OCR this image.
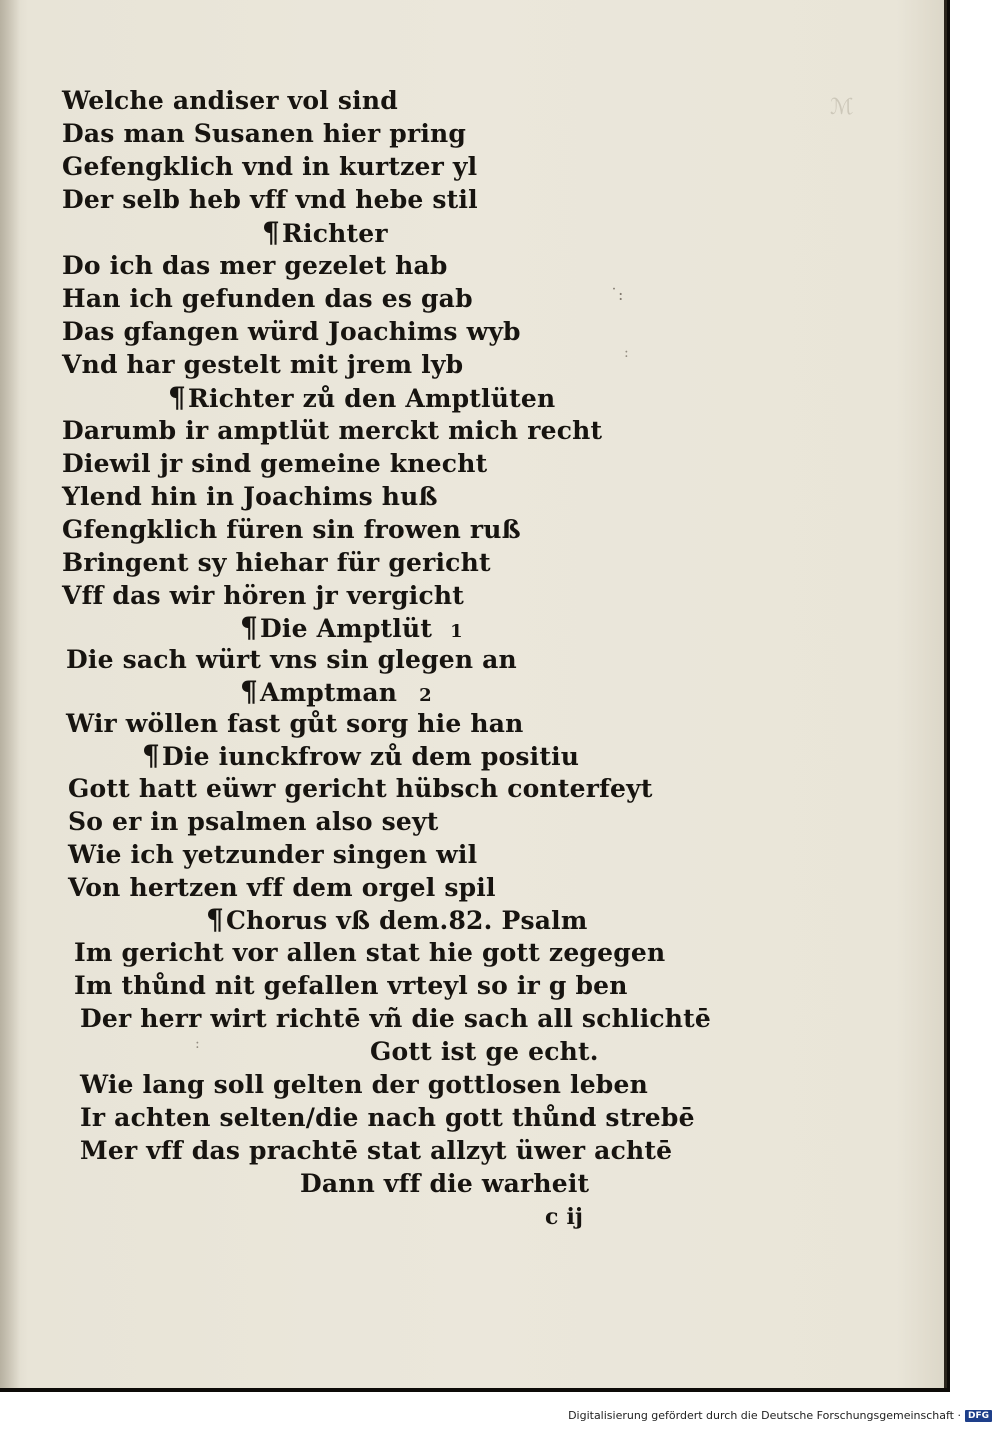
ℳ
˙:
:
:
Welche andiser vol sind
Das man Susanen hier pring
Gefengklich vnd in kurtzer yl
Der selb heb vff vnd hebe stil
¶Richter
Do ich das mer gezelet hab
Han ich gefunden das es gab
Das gfangen würd Joachims wyb
Vnd har gestelt mit jrem lyb
¶Richter zů den Amptlüten
Darumb ir amptlüt merckt mich recht
Diewil jr sind gemeine knecht
Ylend hin in Joachims huß
Gfengklich füren sin frowen ruß
Bringent sy hiehar für gericht
Vff das wir hören jr vergicht
¶Die Amptlüt 1
Die sach würt vns sin glegen an
¶Amptman 2
Wir wöllen fast gůt sorg hie han
¶Die iunckfrow zů dem positiu
Gott hatt eüwr gericht hübsch conterfeyt
So er in psalmen also seyt
Wie ich yetzunder singen wil
Von hertzen vff dem orgel spil
¶Chorus vß dem.82. Psalm
Im gericht vor allen stat hie gott zegegen
Im thůnd nit gefallen vrteyl so ir g ben
Der herr wirt richtē vñ die sach all schlichtē
Gott ist ge echt.
Wie lang soll gelten der gottlosen leben
Ir achten selten/die nach gott thůnd strebē
Mer vff das prachtē stat allzyt üwer achtē
Dann vff die warheit
c ij
Digitalisierung gefördert durch die Deutsche Forschungsgemeinschaft · DFG
